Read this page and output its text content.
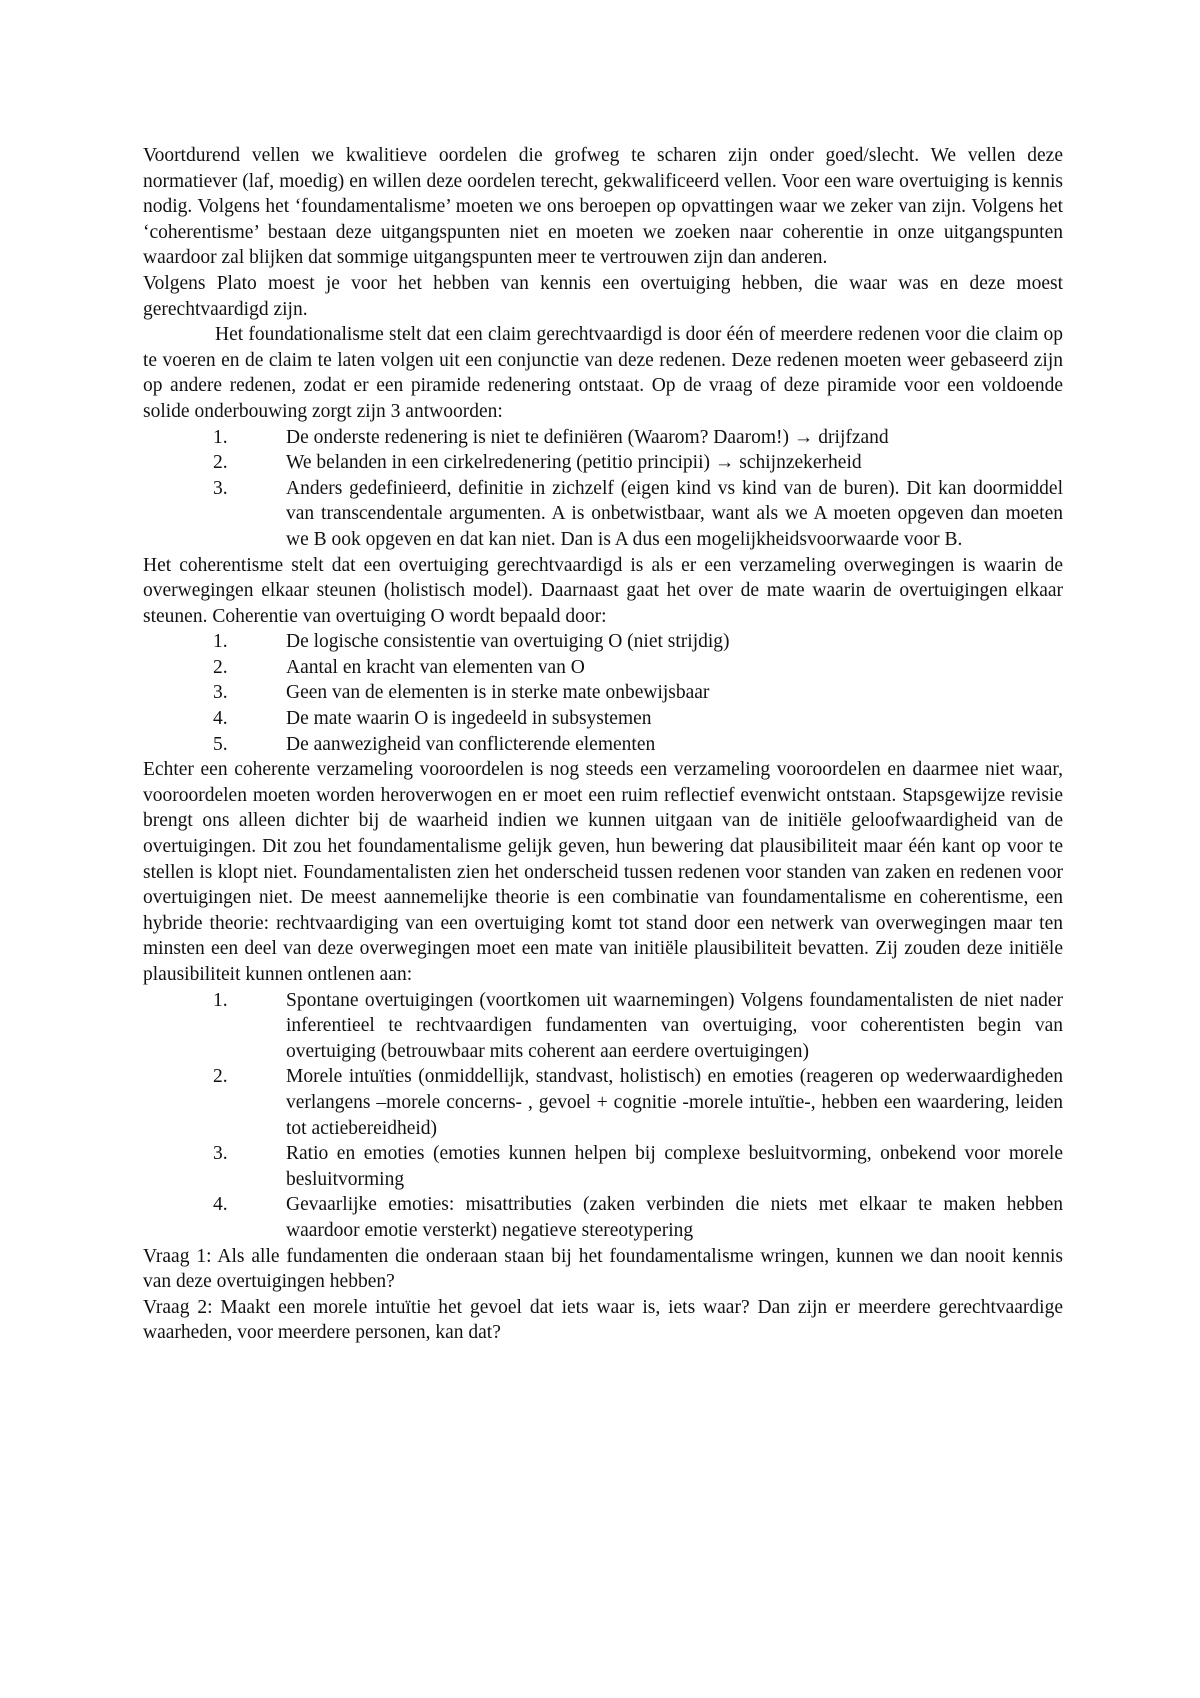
Voortdurend vellen we kwalitieve oordelen die grofweg te scharen zijn onder goed/slecht. We vellen deze normatiever (laf, moedig) en willen deze oordelen terecht, gekwalificeerd vellen. Voor een ware overtuiging is kennis nodig. Volgens het ‘foundamentalisme’ moeten we ons beroepen op opvattingen waar we zeker van zijn. Volgens het ‘coherentisme’ bestaan deze uitgangspunten niet en moeten we zoeken naar coherentie in onze uitgangspunten waardoor zal blijken dat sommige uitgangspunten meer te vertrouwen zijn dan anderen.

Volgens Plato moest je voor het hebben van kennis een overtuiging hebben, die waar was en deze moest gerechtvaardigd zijn.

Het foundationalisme stelt dat een claim gerechtvaardigd is door één of meerdere redenen voor die claim op te voeren en de claim te laten volgen uit een conjunctie van deze redenen. Deze redenen moeten weer gebaseerd zijn op andere redenen, zodat er een piramide redenering ontstaat. Op de vraag of deze piramide voor een voldoende solide onderbouwing zorgt zijn 3 antwoorden:

1.	De onderste redenering is niet te definiëren (Waarom? Daarom!) → drijfzand
2.	We belanden in een cirkelredenering (petitio principii) → schijnzekerheid
3.	Anders gedefinieerd, definitie in zichzelf (eigen kind vs kind van de buren). Dit kan doormiddel van transcendentale argumenten. A is onbetwistbaar, want als we A moeten opgeven dan moeten we B ook opgeven en dat kan niet. Dan is A dus een mogelijkheidsvoorwaarde voor B.

Het coherentisme stelt dat een overtuiging gerechtvaardigd is als er een verzameling overwegingen is waarin de overwegingen elkaar steunen (holistisch model). Daarnaast gaat het over de mate waarin de overtuigingen elkaar steunen. Coherentie van overtuiging O wordt bepaald door:

1.	De logische consistentie van overtuiging O (niet strijdig)
2.	Aantal en kracht van elementen van O
3.	Geen van de elementen is in sterke mate onbewijsbaar
4.	De mate waarin O is ingedeeld in subsystemen
5.	De aanwezigheid van conflicterende elementen

Echter een coherente verzameling vooroordelen is nog steeds een verzameling vooroordelen en daarmee niet waar, vooroordelen moeten worden heroverwogen en er moet een ruim reflectief evenwicht ontstaan. Stapsgewijze revisie brengt ons alleen dichter bij de waarheid indien we kunnen uitgaan van de initiële geloofwaardigheid van de overtuigingen. Dit zou het foundamentalisme gelijk geven, hun bewering dat plausibiliteit maar één kant op voor te stellen is klopt niet. Foundamentalisten zien het onderscheid tussen redenen voor standen van zaken en redenen voor overtuigingen niet. De meest aannemelijke theorie is een combinatie van foundamentalisme en coherentisme, een hybride theorie: rechtvaardiging van een overtuiging komt tot stand door een netwerk van overwegingen maar ten minsten een deel van deze overwegingen moet een mate van initiële plausibiliteit bevatten. Zij zouden deze initiële plausibiliteit kunnen ontlenen aan:

1.	Spontane overtuigingen (voortkomen uit waarnemingen) Volgens foundamentalisten de niet nader inferentieel te rechtvaardigen fundamenten van overtuiging, voor coherentisten begin van overtuiging (betrouwbaar mits coherent aan eerdere overtuigingen)
2.	Morele intuïties (onmiddellijk, standvast, holistisch) en emoties (reageren op wederwaardigheden verlangens –morele concerns- , gevoel + cognitie -morele intuïtie-, hebben een waardering, leiden tot actiebereidheid)
3.	Ratio en emoties (emoties kunnen helpen bij complexe besluitvorming, onbekend voor morele besluitvorming
4.	Gevaarlijke emoties: misattributies (zaken verbinden die niets met elkaar te maken hebben waardoor emotie versterkt) negatieve stereotypering

Vraag 1: Als alle fundamenten die onderaan staan bij het foundamentalisme wringen, kunnen we dan nooit kennis van deze overtuigingen hebben?

Vraag 2: Maakt een morele intuïtie het gevoel dat iets waar is, iets waar? Dan zijn er meerdere gerechtvaardige waarheden, voor meerdere personen, kan dat?
